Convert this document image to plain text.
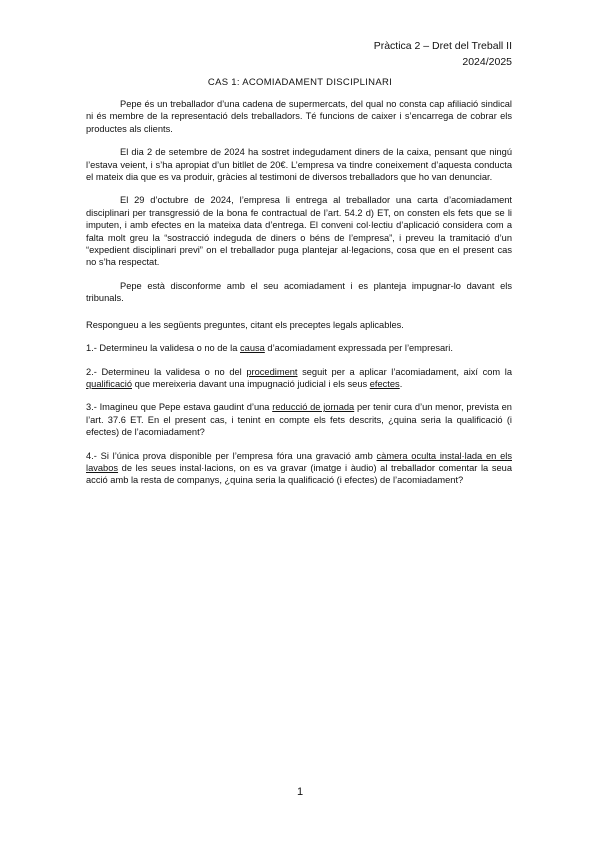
Pràctica 2 – Dret del Treball II
2024/2025
CAS 1: ACOMIADAMENT DISCIPLINARI

Pepe és un treballador d’una cadena de supermercats, del qual no consta cap afiliació sindical ni és membre de la representació dels treballadors. Té funcions de caixer i s’encarrega de cobrar els productes als clients.

El dia 2 de setembre de 2024 ha sostret indegudament diners de la caixa, pensant que ningú l’estava veient, i s’ha apropiat d’un bitllet de 20€. L’empresa va tindre coneixement d’aquesta conducta el mateix dia que es va produir, gràcies al testimoni de diversos treballadors que ho van denunciar.

El 29 d’octubre de 2024, l’empresa li entrega al treballador una carta d’acomiadament disciplinari per transgressió de la bona fe contractual de l’art. 54.2 d) ET, on consten els fets que se li imputen, i amb efectes en la mateixa data d’entrega. El conveni col·lectiu d’aplicació considera com a falta molt greu la “sostracció indeguda de diners o béns de l’empresa”, i preveu la tramitació d’un “expedient disciplinari previ” on el treballador puga plantejar al·legacions, cosa que en el present cas no s’ha respectat.

Pepe està disconforme amb el seu acomiadament i es planteja impugnar-lo davant els tribunals.

Respongueu a les següents preguntes, citant els preceptes legals aplicables.

1.- Determineu la validesa o no de la causa d’acomiadament expressada per l’empresari.

2.- Determineu la validesa o no del procediment seguit per a aplicar l’acomiadament, així com la qualificació que mereixeria davant una impugnació judicial i els seus efectes.

3.- Imagineu que Pepe estava gaudint d’una reducció de jornada per tenir cura d’un menor, prevista en l’art. 37.6 ET. En el present cas, i tenint en compte els fets descrits, ¿quina seria la qualificació (i efectes) de l’acomiadament?

4.- Si l’única prova disponible per l’empresa fóra una gravació amb càmera oculta instal·lada en els lavabos de les seues instal·lacions, on es va gravar (imatge i àudio) al treballador comentar la seua acció amb la resta de companys, ¿quina seria la qualificació (i efectes) de l’acomiadament?

1
